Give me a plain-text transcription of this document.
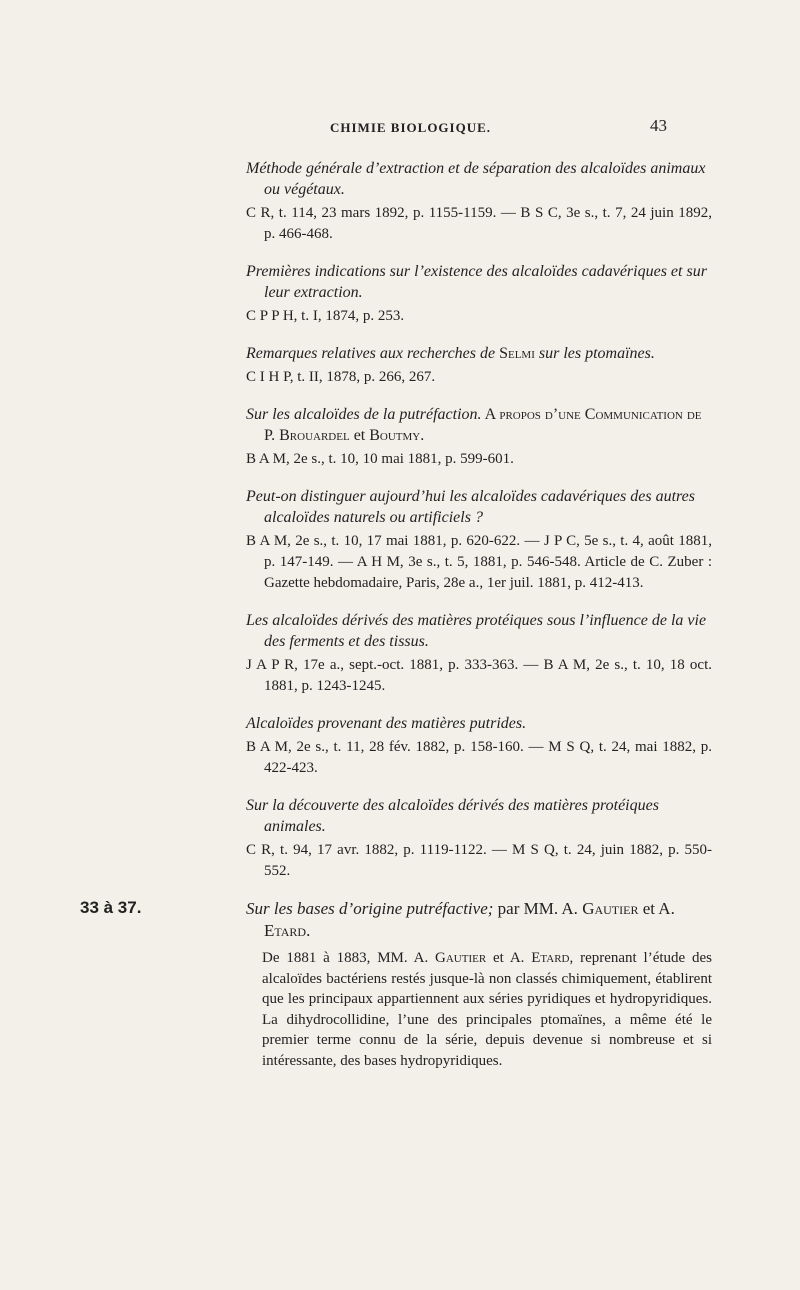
CHIMIE BIOLOGIQUE.	43
Méthode générale d’extraction et de séparation des alcaloïdes animaux ou végétaux.
C R, t. 114, 23 mars 1892, p. 1155-1159. — B S C, 3e s., t. 7, 24 juin 1892, p. 466-468.
Premières indications sur l’existence des alcaloïdes cadavériques et sur leur extraction.
C P P H, t. I, 1874, p. 253.
Remarques relatives aux recherches de Selmi sur les ptomaïnes.
C I H P, t. II, 1878, p. 266, 267.
Sur les alcaloïdes de la putréfaction. A propos d’une Communication de P. Brouardel et Boutmy.
B A M, 2e s., t. 10, 10 mai 1881, p. 599-601.
Peut-on distinguer aujourd’hui les alcaloïdes cadavériques des autres alcaloïdes naturels ou artificiels ?
B A M, 2e s., t. 10, 17 mai 1881, p. 620-622. — J P C, 5e s., t. 4, août 1881, p. 147-149. — A H M, 3e s., t. 5, 1881, p. 546-548. Article de C. Zuber : Gazette hebdomadaire, Paris, 28e a., 1er juil. 1881, p. 412-413.
Les alcaloïdes dérivés des matières protéiques sous l’influence de la vie des ferments et des tissus.
J A P R, 17e a., sept.-oct. 1881, p. 333-363. — B A M, 2e s., t. 10, 18 oct. 1881, p. 1243-1245.
Alcaloïdes provenant des matières putrides.
B A M, 2e s., t. 11, 28 fév. 1882, p. 158-160. — M S Q, t. 24, mai 1882, p. 422-423.
Sur la découverte des alcaloïdes dérivés des matières protéiques animales.
C R, t. 94, 17 avr. 1882, p. 1119-1122. — M S Q, t. 24, juin 1882, p. 550-552.
33 à 37.	Sur les bases d’origine putréfactive; par MM. A. Gautier et A. Etard.
De 1881 à 1883, MM. A. Gautier et A. Etard, reprenant l’étude des alcaloïdes bactériens restés jusque-là non classés chimiquement, établirent que les principaux appartiennent aux séries pyridiques et hydropyridiques. La dihydrocollidine, l’une des principales ptomaïnes, a même été le premier terme connu de la série, depuis devenue si nombreuse et si intéressante, des bases hydropyridiques.
